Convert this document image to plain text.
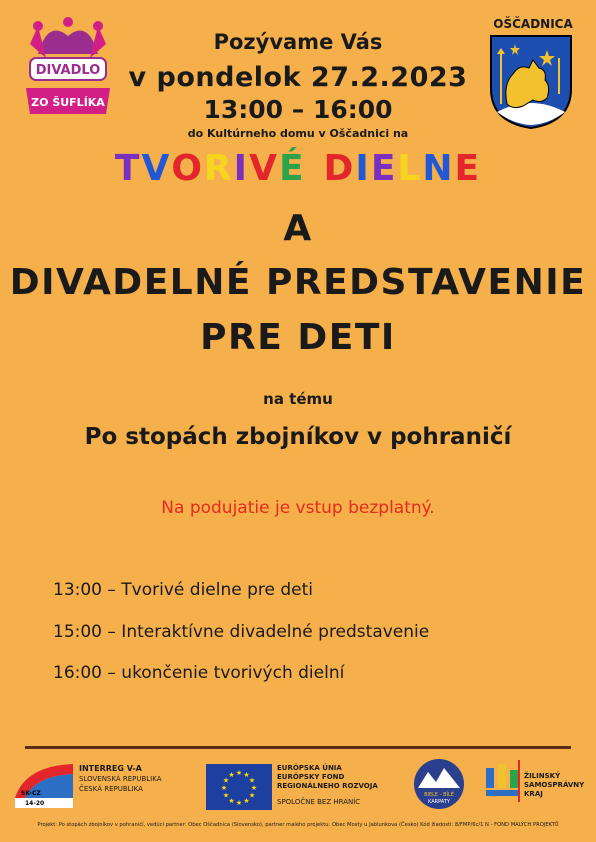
DIVADLO
ZO ŠUFLÍKA
OŠČADNICA
Pozývame Vás
v pondelok 27.2.2023
13:00 – 16:00
do Kultúrneho domu v Oščadnici na
TVORIVÉ DIELNE
A
DIVADELNÉ PREDSTAVENIE
PRE DETI
na tému
Po stopách zbojníkov v pohraničí
Na podujatie je vstup bezplatný.
13:00 – Tvorivé dielne pre deti
15:00 – Interaktívne divadelné predstavenie
16:00 – ukončenie tvorivých dielní
SK-CZ
14-20
INTERREG V-A
SLOVENSKÁ REPUBLIKA
ČESKÁ REPUBLIKA	★
★
★
★
★
★
★
★
★ ★ ★
★
EURÓPSKA ÚNIA
EURÓPSKY FOND
REGIONÁLNEHO ROZVOJA
SPOLOČNE BEZ HRANÍC
BIELE - BÍLÉ
KARPATY
ŽILINSKÝ
SAMOSPRÁVNY
KRAJ
Projekt: Po stopách zbojníkov v pohraničí, vedúci partner: Obec Oščadnica (Slovensko), partner malého projektu: Obec Mosty u Jablunkova (Česko) Kód žiadosti: 8/FMP/6c/1 N - FOND MALÝCH PROJEKTŮ
